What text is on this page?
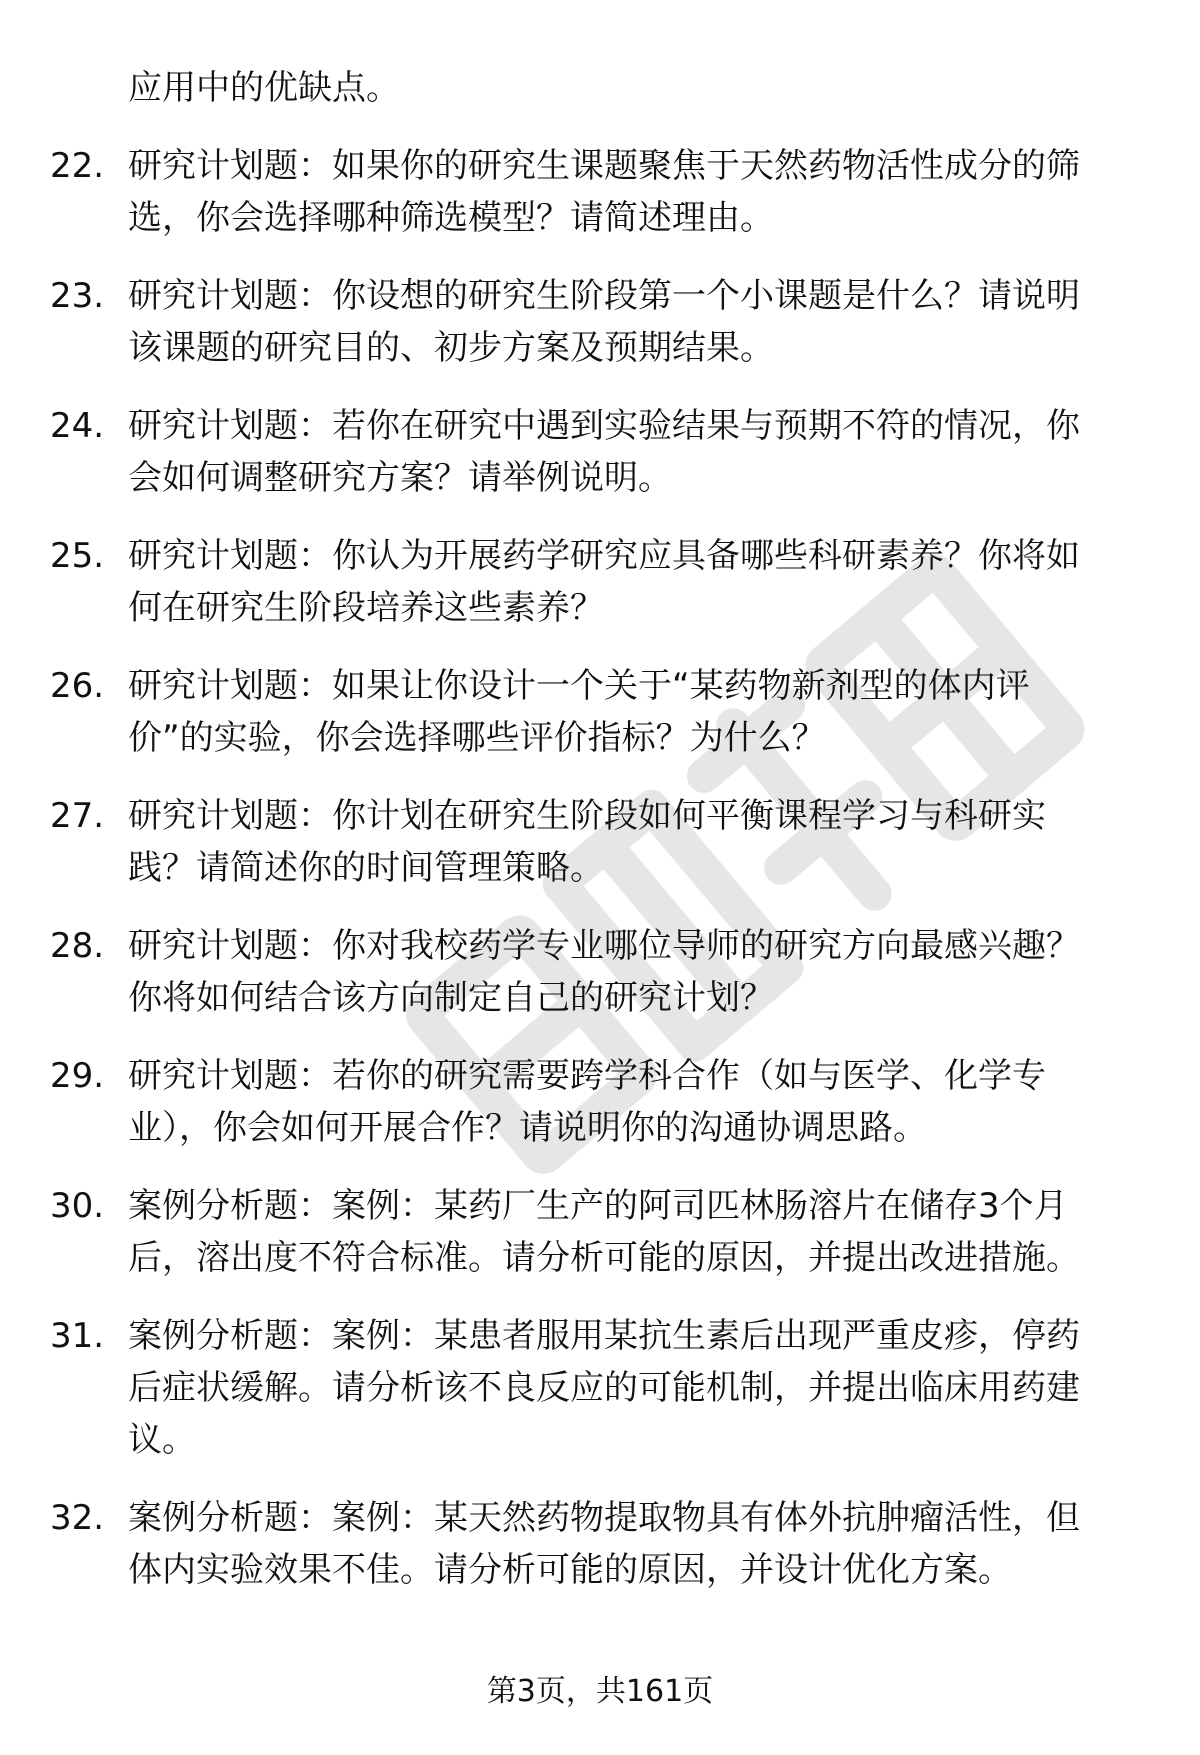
应用中的优缺点。
22. 研究计划题：如果你的研究生课题聚焦于天然药物活性成分的筛
选，你会选择哪种筛选模型？请简述理由。
23. 研究计划题：你设想的研究生阶段第一个小课题是什么？请说明
该课题的研究目的、初步方案及预期结果。
24. 研究计划题：若你在研究中遇到实验结果与预期不符的情况，你
会如何调整研究方案？请举例说明。
25. 研究计划题：你认为开展药学研究应具备哪些科研素养？你将如
何在研究生阶段培养这些素养？
26. 研究计划题：如果让你设计一个关于“某药物新剂型的体内评
价”的实验，你会选择哪些评价指标？为什么？
27. 研究计划题：你计划在研究生阶段如何平衡课程学习与科研实
践？请简述你的时间管理策略。
28. 研究计划题：你对我校药学专业哪位导师的研究方向最感兴趣？
你将如何结合该方向制定自己的研究计划？
29. 研究计划题：若你的研究需要跨学科合作（如与医学、化学专
业），你会如何开展合作？请说明你的沟通协调思路。
30. 案例分析题：案例：某药厂生产的阿司匹林肠溶片在储存3个月
后，溶出度不符合标准。请分析可能的原因，并提出改进措施。
31. 案例分析题：案例：某患者服用某抗生素后出现严重皮疹，停药
后症状缓解。请分析该不良反应的可能机制，并提出临床用药建
议。
32. 案例分析题：案例：某天然药物提取物具有体外抗肿瘤活性，但
体内实验效果不佳。请分析可能的原因，并设计优化方案。
第3页，共161页
